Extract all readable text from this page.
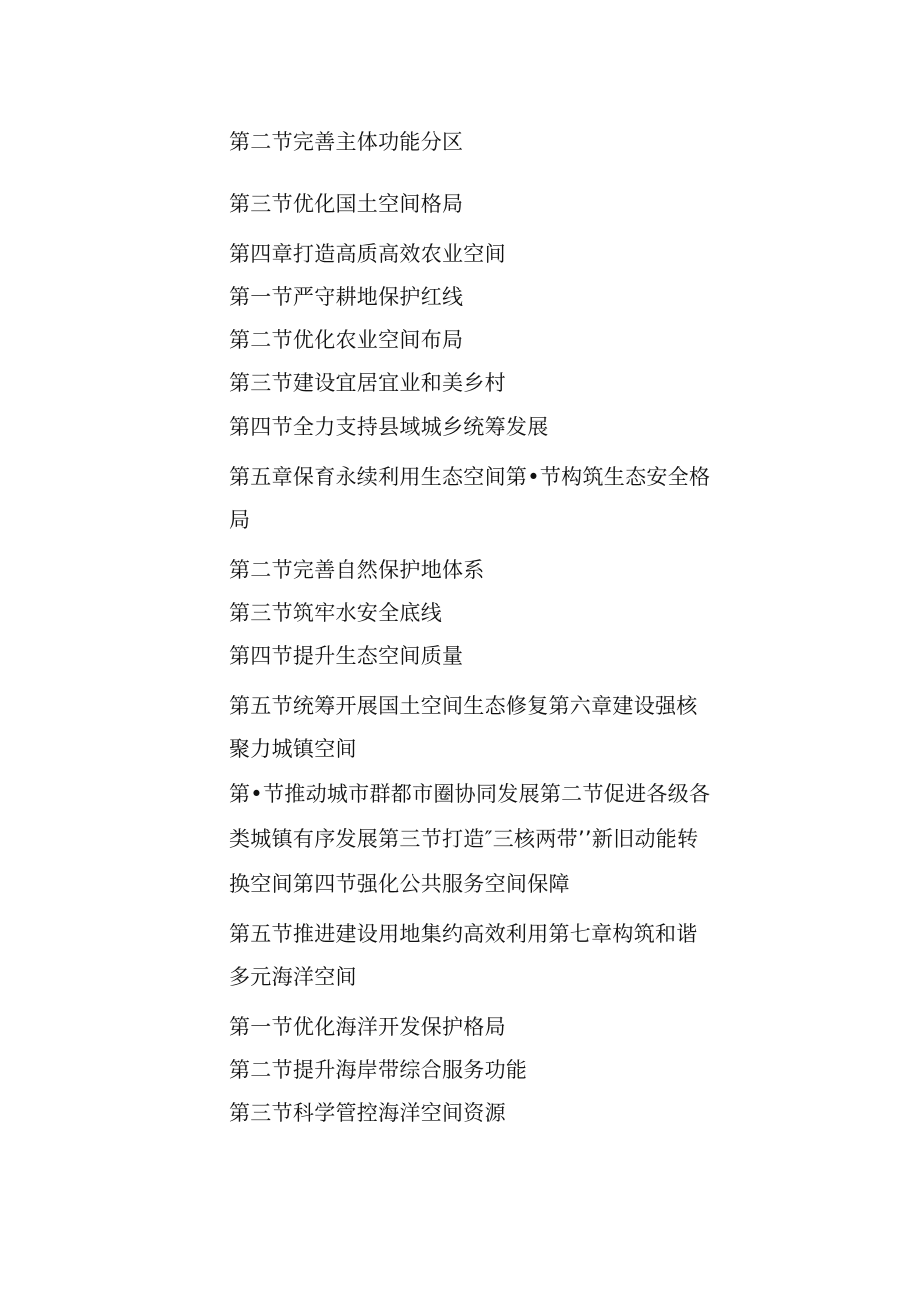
第二节完善主体功能分区
第三节优化国土空间格局
第四章打造高质高效农业空间
第一节严守耕地保护红线
第二节优化农业空间布局
第三节建设宜居宜业和美乡村
第四节全力支持县域城乡统筹发展
第五章保育永续利用生态空间第•节构筑生态安全格
局
第二节完善自然保护地体系
第三节筑牢水安全底线
第四节提升生态空间质量
第五节统筹开展国土空间生态修复第六章建设强核
聚力城镇空间
第•节推动城市群都市圈协同发展第二节促进各级各
类城镇有序发展第三节打造″三核两带’’新旧动能转
换空间第四节强化公共服务空间保障
第五节推进建设用地集约高效利用第七章构筑和谐
多元海洋空间
第一节优化海洋开发保护格局
第二节提升海岸带综合服务功能
第三节科学管控海洋空间资源
